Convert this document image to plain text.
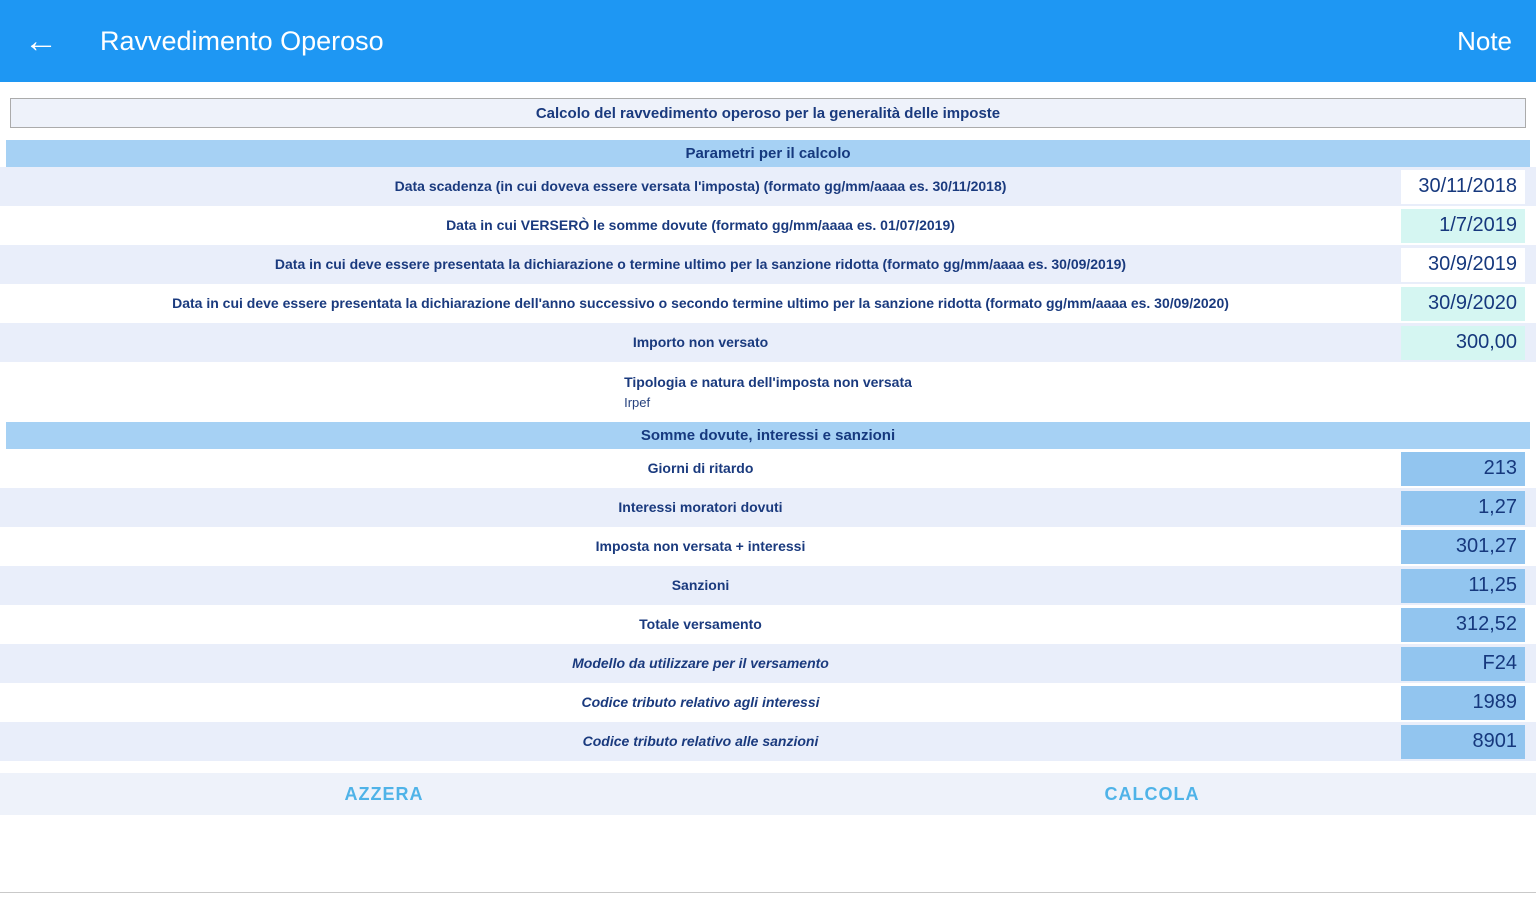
←	Ravvedimento Operoso	Note
Calcolo del ravvedimento operoso per la generalità delle imposte
Parametri per il calcolo
Data scadenza (in cui doveva essere versata l'imposta) (formato gg/mm/aaaa es. 30/11/2018)	30/11/2018
Data in cui VERSERÒ le somme dovute (formato gg/mm/aaaa es. 01/07/2019)	1/7/2019
Data in cui deve essere presentata la dichiarazione o termine ultimo per la sanzione ridotta (formato gg/mm/aaaa es. 30/09/2019)	30/9/2019
Data in cui deve essere presentata la dichiarazione dell'anno successivo o secondo termine ultimo per la sanzione ridotta (formato gg/mm/aaaa es. 30/09/2020)	30/9/2020
Importo non versato	300,00
Tipologia e natura dell'imposta non versata
Irpef
Somme dovute, interessi e sanzioni
Giorni di ritardo	213
Interessi moratori dovuti	1,27
Imposta non versata + interessi	301,27
Sanzioni	11,25
Totale versamento	312,52
Modello da utilizzare per il versamento	F24
Codice tributo relativo agli interessi	1989
Codice tributo relativo alle sanzioni	8901
AZZERA	CALCOLA
